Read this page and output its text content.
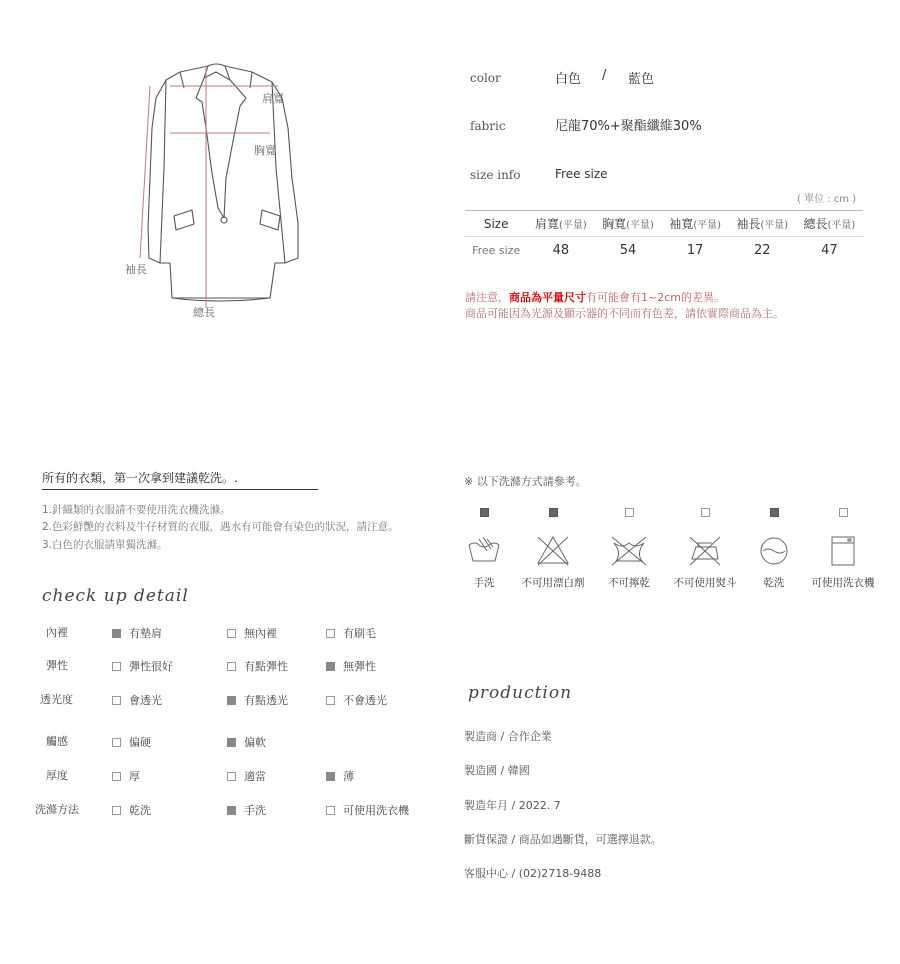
肩寬
胸寬
袖長
總長
color	白色 / 藍色
fabric	尼龍70%+聚酯纖維30%
size info	Free size
( 單位 : cm )
Size	肩寬(平量)	胸寬(平量)	袖寬(平量)	袖長(平量)	總長(平量)
Free size	48	54	17	22	47
請注意，商品為平量尺寸有可能會有1~2cm的差異。
商品可能因為光源及顯示器的不同而有色差，請依實際商品為主。
所有的衣類，第一次拿到建議乾洗。.
1.針織類的衣服請不要使用洗衣機洗滌。
2.色彩鮮艷的衣料及牛仔材質的衣服，遇水有可能會有染色的狀況，請注意。
3.白色的衣服請單獨洗滌。
check up detail
內裡	有墊肩	無內裡	有刷毛
彈性	彈性很好	有點彈性	無彈性
透光度	會透光	有點透光	不會透光
觸感	偏硬	偏軟
厚度	厚	適當	薄
洗滌方法	乾洗	手洗	可使用洗衣機
※ 以下洗滌方式請參考。
手洗	不可用漂白劑	不可擰乾	不可使用熨斗	乾洗	可使用洗衣機
production
製造商 / 合作企業
製造國 / 韓國
製造年月 / 2022. 7
斷貨保證 / 商品如遇斷貨，可選擇退款。
客服中心 / (02)2718-9488
